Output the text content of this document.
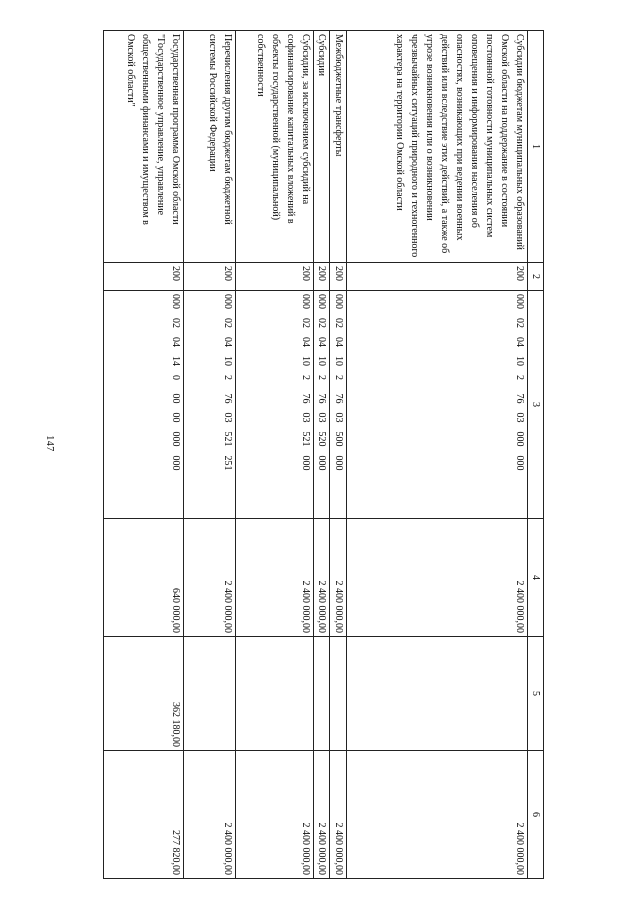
147
1	2	3	4	5	6
Субсидии бюджетам муниципальных образований Омской области на поддержание в состоянии постоянной готовности муниципальных систем оповещения и информирования населения об опасностях, возникающих при ведении военных действий или вследствие этих действий, а также об угрозе возникновения или о возникновении чрезвычайных ситуаций природного и техногенного характера на территории Омской области	200	000  02  04  10  2   76  03  000  000	2 400 000,00		2 400 000,00
Межбюджетные трансферты	200	000  02  04  10  2   76  03  500  000	2 400 000,00		2 400 000,00
Субсидии	200	000  02  04  10  2   76  03  520  000	2 400 000,00		2 400 000,00
Субсидии, за исключением субсидий на софинансирование капитальных вложений в объекты государственной (муниципальной) собственности	200	000  02  04  10  2   76  03  521  000	2 400 000,00		2 400 000,00
Перечисления другим бюджетам бюджетной системы Российской Федерации	200	000  02  04  10  2   76  03  521  251	2 400 000,00		2 400 000,00
Государственная программа Омской области "Государственное управление, управление общественными финансами и имуществом в Омской области"	200	000  02  04  14  0   00  00  000  000	640 000,00	362 180,00	277 820,00
